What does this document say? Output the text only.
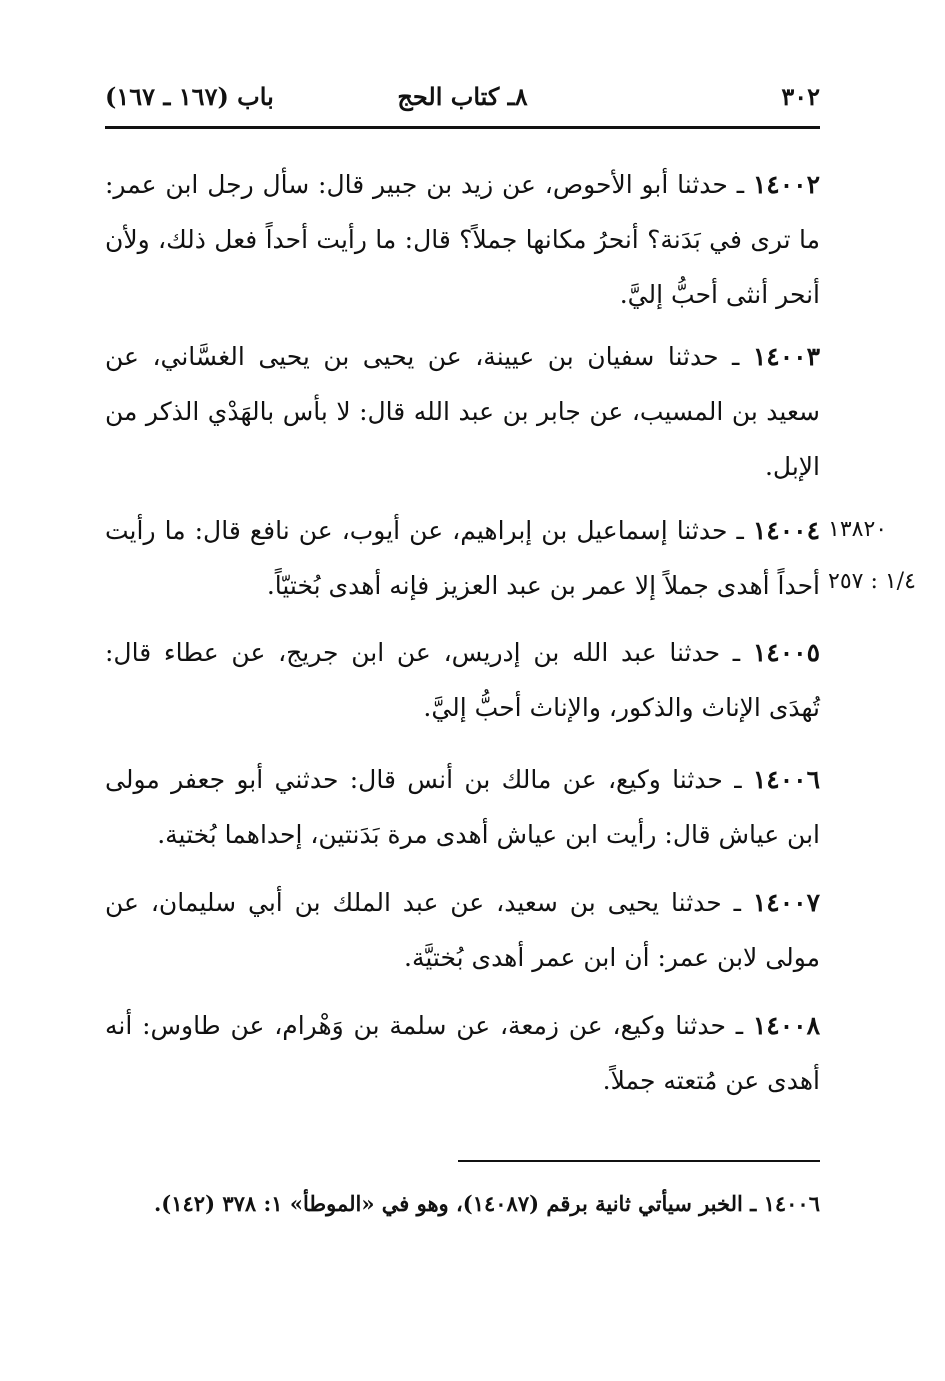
٣٠٢
٨ـ كتاب الحج
باب (١٦٧ ـ ١٦٧)
١٤٠٠٢ ـ حدثنا أبو الأحوص، عن زيد بن جبير قال: سأل رجل ابن عمر: ما ترى في بَدَنة؟ أنحرُ مكانها جملاً؟ قال: ما رأيت أحداً فعل ذلك، ولأن أنحر أنثى أحبُّ إليَّ.
١٤٠٠٣ ـ حدثنا سفيان بن عيينة، عن يحيى بن يحيى الغسَّاني، عن سعيد بن المسيب، عن جابر بن عبد الله قال: لا بأس بالهَدْي الذكر من الإبل.
١٤٠٠٤ ـ حدثنا إسماعيل بن إبراهيم، عن أيوب، عن نافع قال: ما رأيت أحداً أهدى جملاً إلا عمر بن عبد العزيز فإنه أهدى بُختيّاً.
١٣٨٢٠
١/٤ : ٢٥٧
١٤٠٠٥ ـ حدثنا عبد الله بن إدريس، عن ابن جريج، عن عطاء قال: تُهدَى الإناث والذكور، والإناث أحبُّ إليَّ.
١٤٠٠٦ ـ حدثنا وكيع، عن مالك بن أنس قال: حدثني أبو جعفر مولى ابن عياش قال: رأيت ابن عياش أهدى مرة بَدَنتين، إحداهما بُختية.
١٤٠٠٧ ـ حدثنا يحيى بن سعيد، عن عبد الملك بن أبي سليمان، عن مولى لابن عمر: أن ابن عمر أهدى بُختيَّة.
١٤٠٠٨ ـ حدثنا وكيع، عن زمعة، عن سلمة بن وَهْرام، عن طاوس: أنه أهدى عن مُتعته جملاً.
١٤٠٠٦ ـ الخبر سيأتي ثانية برقم (١٤٠٨٧)، وهو في «الموطأ» ١: ٣٧٨ (١٤٢).
